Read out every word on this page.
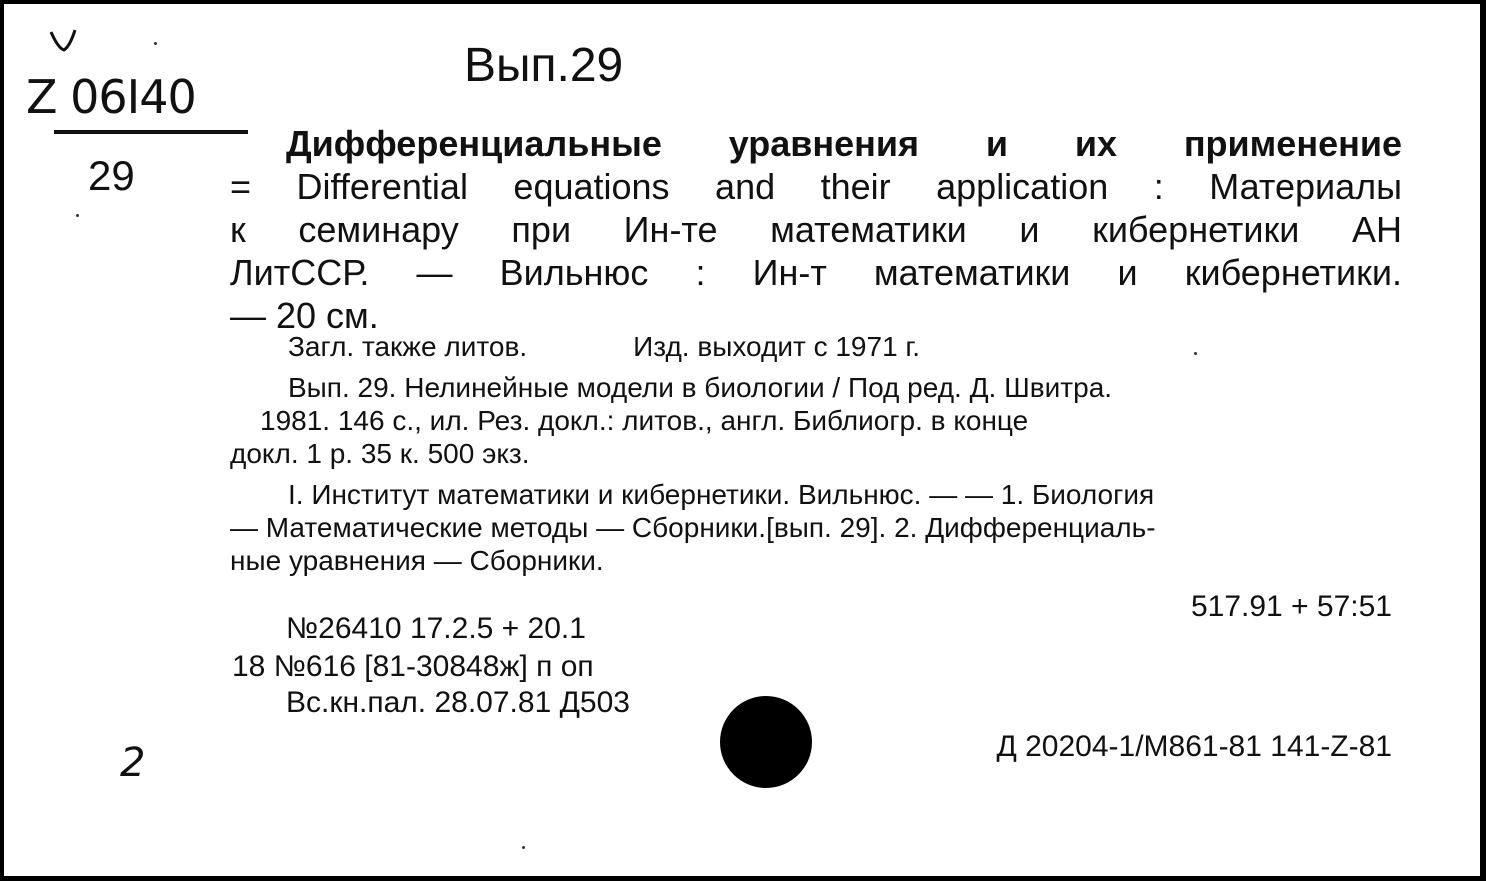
Z 06I40
29
Вып.29

Дифференциальные уравнения и их применение

= Differential equations and their application : Материалы

к семинару при Ин-те математики и кибернетики АН

ЛитССР. — Вильнюс : Ин-т математики и кибернетики.

— 20 см.

Загл. также литов.	Изд. выходит с 1971 г.

Вып. 29. Нелинейные модели в биологии / Под ред. Д. Швитра.

1981. 146 с., ил. Рез. докл.: литов., англ. Библиогр. в конце

докл. 1 р. 35 к. 500 экз.

I. Институт математики и кибернетики. Вильнюс. — — 1. Биология

— Математические методы — Сборники.[вып. 29]. 2. Дифференциаль-

ные уравнения — Сборники.

517.91 + 57:51
№26410 17.2.5 + 20.1
18 №616 [81-30848ж] п оп
Вс.кн.пал. 28.07.81 Д503
Д 20204-1/М861-81 141-Z-81
2
